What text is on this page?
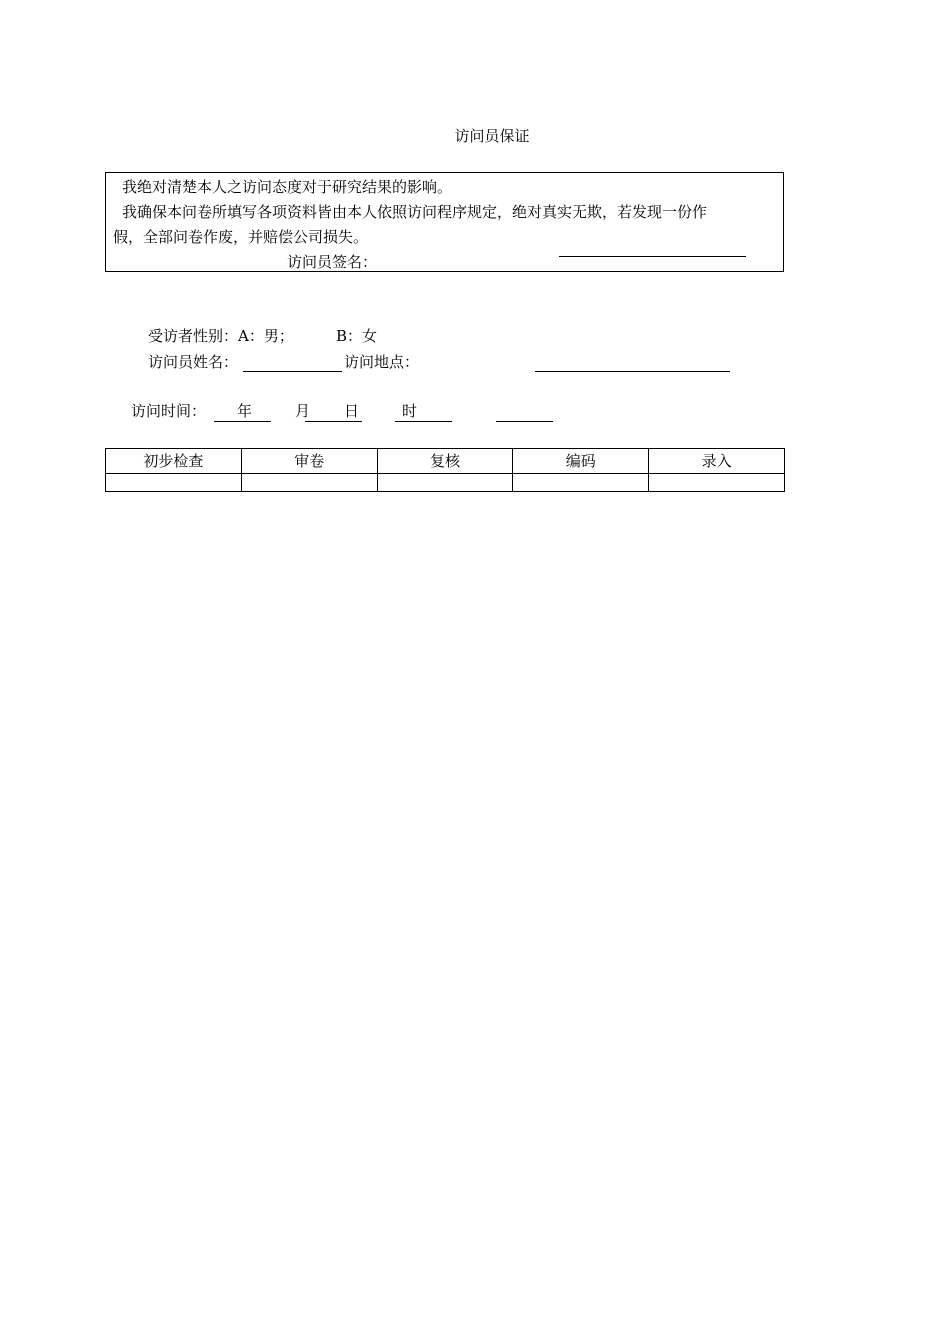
访问员保证
我绝对清楚本人之访问态度对于研究结果的影响。
我确保本问卷所填写各项资料皆由本人依照访问程序规定，绝对真实无欺，若发现一份作
假，全部问卷作废，并赔偿公司损失。
访问员签名：
受访者性别：A：男；	B：女
访问员姓名：	访问地点：
访问时间： 年	月 日	时
初步检查	审卷	复核	编码	录入
